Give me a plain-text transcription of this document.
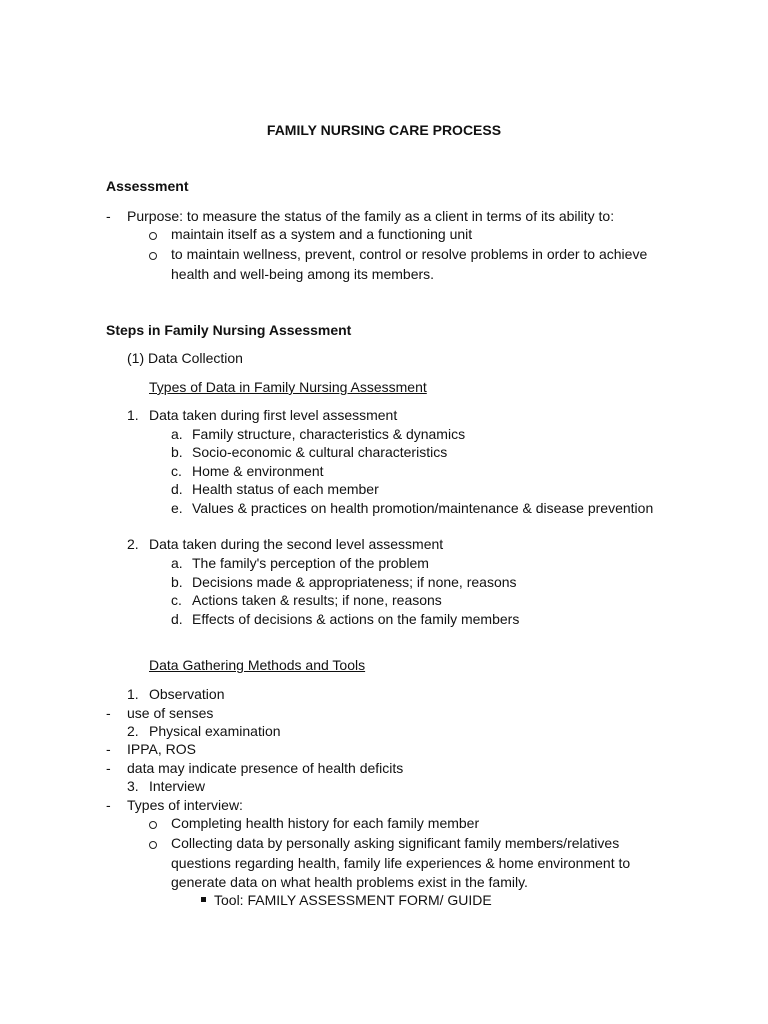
FAMILY NURSING CARE PROCESS
Assessment
- Purpose: to measure the status of the family as a client in terms of its ability to:
maintain itself as a system and a functioning unit
to maintain wellness, prevent, control or resolve problems in order to achieve
health and well-being among its members.
Steps in Family Nursing Assessment
(1) Data Collection
Types of Data in Family Nursing Assessment
1. Data taken during first level assessment
a. Family structure, characteristics & dynamics
b. Socio-economic & cultural characteristics
c. Home & environment
d. Health status of each member
e. Values & practices on health promotion/maintenance & disease prevention
2. Data taken during the second level assessment
a. The family's perception of the problem
b. Decisions made & appropriateness; if none, reasons
c. Actions taken & results; if none, reasons
d. Effects of decisions & actions on the family members
Data Gathering Methods and Tools
1. Observation
- use of senses
2. Physical examination
- IPPA, ROS
- data may indicate presence of health deficits
3. Interview
- Types of interview:
Completing health history for each family member
Collecting data by personally asking significant family members/relatives
questions regarding health, family life experiences & home environment to
generate data on what health problems exist in the family.
Tool: FAMILY ASSESSMENT FORM/ GUIDE
